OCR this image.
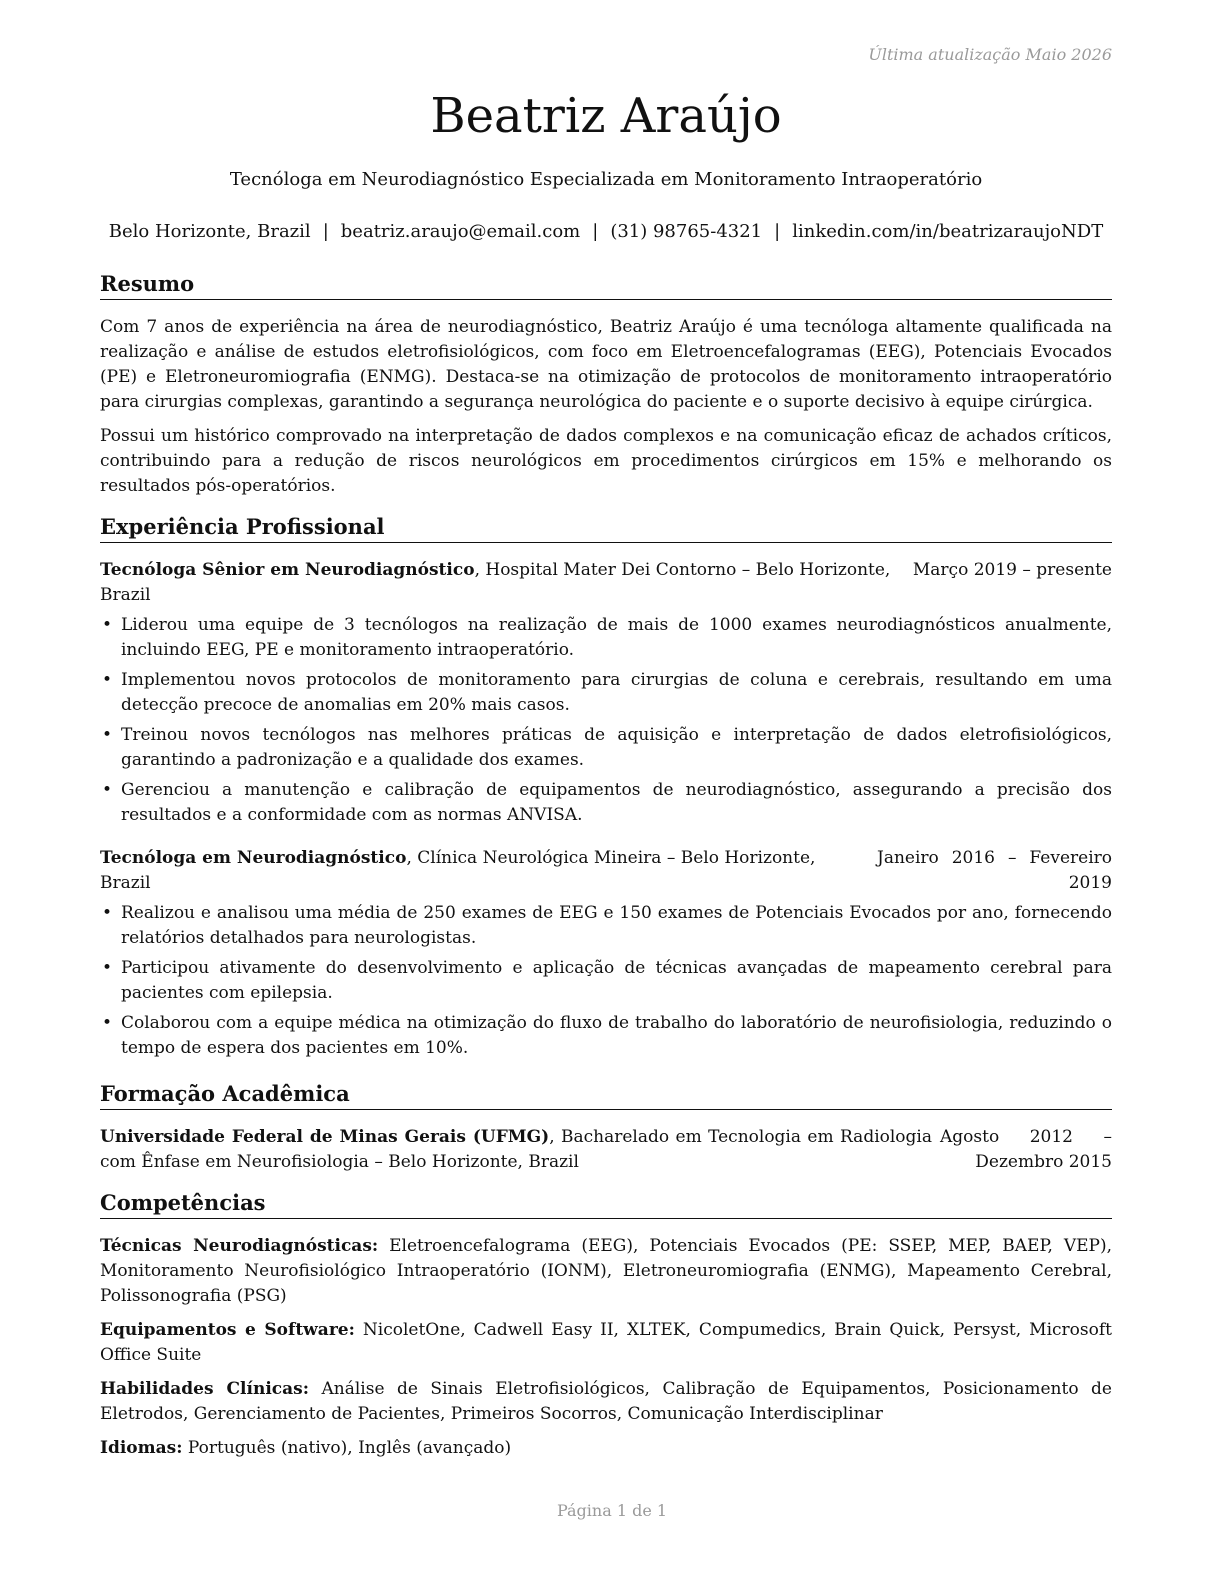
Última atualização Maio 2026
Beatriz Araújo
Tecnóloga em Neurodiagnóstico Especializada em Monitoramento Intraoperatório
Belo Horizonte, Brazil | beatriz.araujo@email.com | (31) 98765-4321 | linkedin.com/in/beatrizaraujoNDT
Resumo

Com 7 anos de experiência na área de neurodiagnóstico, Beatriz Araújo é uma tecnóloga altamente qualificada na realização e análise de estudos eletrofisiológicos, com foco em Eletroencefalogramas (EEG), Potenciais Evocados (PE) e Eletroneuromiografia (ENMG). Destaca-se na otimização de protocolos de monitoramento intraoperatório para cirurgias complexas, garantindo a segurança neurológica do paciente e o suporte decisivo à equipe cirúrgica.

Possui um histórico comprovado na interpretação de dados complexos e na comunicação eficaz de achados críticos, contribuindo para a redução de riscos neurológicos em procedimentos cirúrgicos em 15% e melhorando os resultados pós-operatórios.

Experiência Profissional
Tecnóloga Sênior em Neurodiagnóstico, Hospital Mater Dei Contorno – Belo Horizonte, Brazil
Março 2019 – presente
• Liderou uma equipe de 3 tecnólogos na realização de mais de 1000 exames neurodiagnósticos anualmente, incluindo EEG, PE e monitoramento intraoperatório.
• Implementou novos protocolos de monitoramento para cirurgias de coluna e cerebrais, resultando em uma detecção precoce de anomalias em 20% mais casos.
• Treinou novos tecnólogos nas melhores práticas de aquisição e interpretação de dados eletrofisiológicos, garantindo a padronização e a qualidade dos exames.
• Gerenciou a manutenção e calibração de equipamentos de neurodiagnóstico, assegurando a precisão dos resultados e a conformidade com as normas ANVISA.
Tecnóloga em Neurodiagnóstico, Clínica Neurológica Mineira – Belo Horizonte, Brazil
Janeiro 2016 – Fevereiro 2019
• Realizou e analisou uma média de 250 exames de EEG e 150 exames de Potenciais Evocados por ano, fornecendo relatórios detalhados para neurologistas.
• Participou ativamente do desenvolvimento e aplicação de técnicas avançadas de mapeamento cerebral para pacientes com epilepsia.
• Colaborou com a equipe médica na otimização do fluxo de trabalho do laboratório de neurofisiologia, reduzindo o tempo de espera dos pacientes em 10%.
Formação Acadêmica
Universidade Federal de Minas Gerais (UFMG), Bacharelado em Tecnologia em Radiologia com Ênfase em Neurofisiologia – Belo Horizonte, Brazil
Agosto 2012 – Dezembro 2015
Competências

Técnicas Neurodiagnósticas: Eletroencefalograma (EEG), Potenciais Evocados (PE: SSEP, MEP, BAEP, VEP), Monitoramento Neurofisiológico Intraoperatório (IONM), Eletroneuromiografia (ENMG), Mapeamento Cerebral, Polissonografia (PSG)

Equipamentos e Software: NicoletOne, Cadwell Easy II, XLTEK, Compumedics, Brain Quick, Persyst, Microsoft Office Suite

Habilidades Clínicas: Análise de Sinais Eletrofisiológicos, Calibração de Equipamentos, Posicionamento de Eletrodos, Gerenciamento de Pacientes, Primeiros Socorros, Comunicação Interdisciplinar

Idiomas: Português (nativo), Inglês (avançado)

Página 1 de 1
